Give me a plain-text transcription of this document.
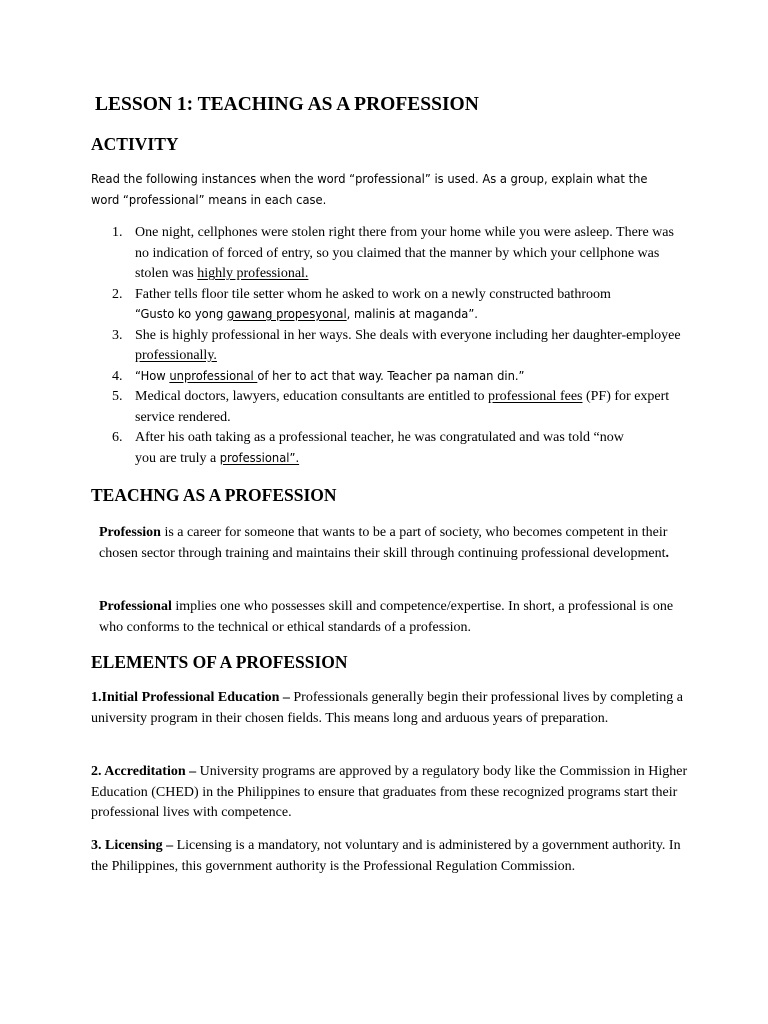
LESSON 1: TEACHING AS A PROFESSION
ACTIVITY

Read the following instances when the word “professional” is used. As a group, explain what the
word “professional” means in each case.

1. One night, cellphones were stolen right there from your home while you were asleep. There was no indication of forced of entry, so you claimed that the manner by which your cellphone was stolen was highly professional.
2. Father tells floor tile setter whom he asked to work on a newly constructed bathroom
“Gusto ko yong gawang propesyonal, malinis at maganda”.
3. She is highly professional in her ways. She deals with everyone including her daughter-employee professionally.
4. “How unprofessional of her to act that way. Teacher pa naman din.”
5. Medical doctors, lawyers, education consultants are entitled to professional fees (PF) for expert service rendered.
6. After his oath taking as a professional teacher, he was congratulated and was told “now
you are truly a professional”.
TEACHNG AS A PROFESSION

Profession is a career for someone that wants to be a part of society, who becomes competent in their chosen sector through training and maintains their skill through continuing professional development.

Professional implies one who possesses skill and competence/expertise. In short, a professional is one who conforms to the technical or ethical standards of a profession.

ELEMENTS OF A PROFESSION

1.Initial Professional Education – Professionals generally begin their professional lives by completing a university program in their chosen fields. This means long and arduous years of preparation.

2. Accreditation – University programs are approved by a regulatory body like the Commission in Higher Education (CHED) in the Philippines to ensure that graduates from these recognized programs start their professional lives with competence.

3. Licensing – Licensing is a mandatory, not voluntary and is administered by a government authority. In the Philippines, this government authority is the Professional Regulation Commission.
